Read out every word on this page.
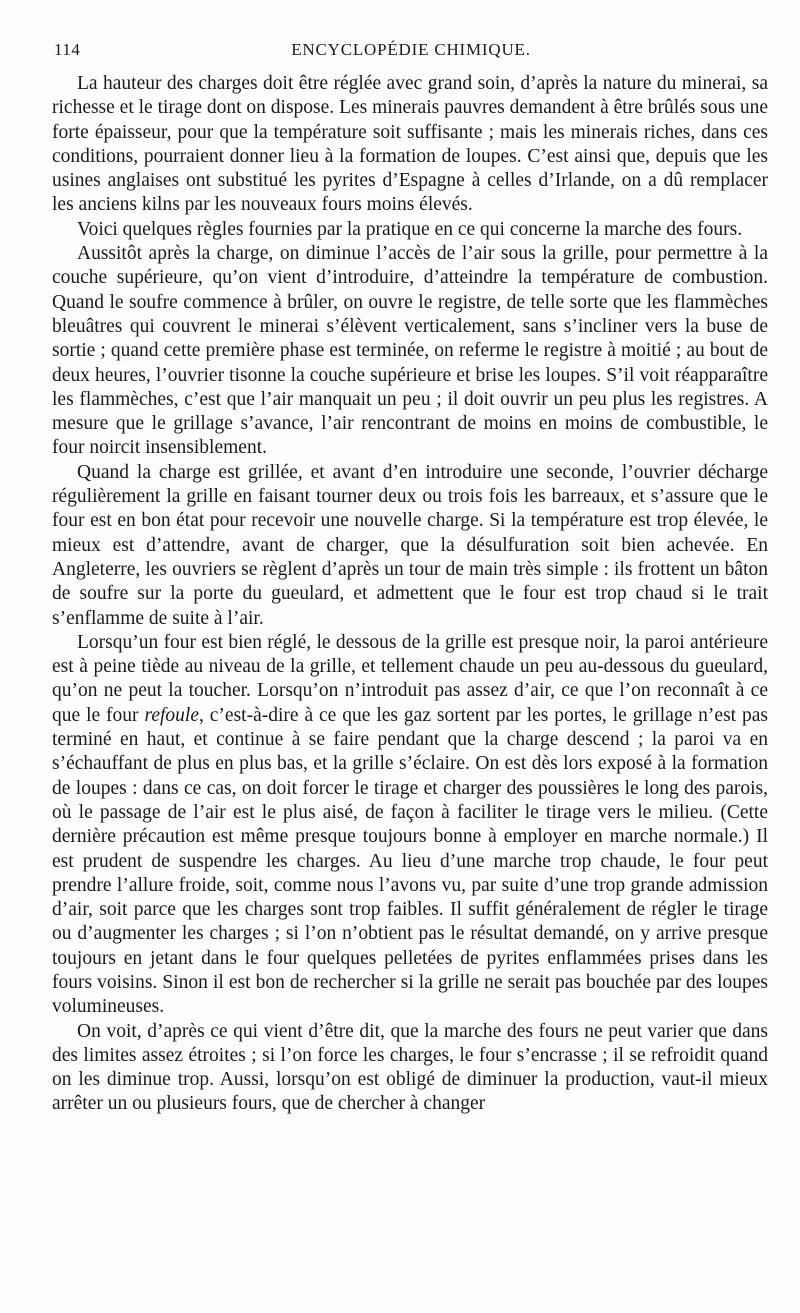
114	ENCYCLOPÉDIE CHIMIQUE.

La hauteur des charges doit être réglée avec grand soin, d’après la nature du minerai, sa richesse et le tirage dont on dispose. Les minerais pauvres demandent à être brûlés sous une forte épaisseur, pour que la température soit suffisante ; mais les minerais riches, dans ces conditions, pourraient donner lieu à la formation de loupes. C’est ainsi que, depuis que les usines anglaises ont substitué les pyrites d’Espagne à celles d’Irlande, on a dû remplacer les anciens kilns par les nouveaux fours moins élevés.

Voici quelques règles fournies par la pratique en ce qui concerne la marche des fours.

Aussitôt après la charge, on diminue l’accès de l’air sous la grille, pour permettre à la couche supérieure, qu’on vient d’introduire, d’atteindre la température de combustion. Quand le soufre commence à brûler, on ouvre le registre, de telle sorte que les flammèches bleuâtres qui couvrent le minerai s’élèvent verticalement, sans s’incliner vers la buse de sortie ; quand cette première phase est terminée, on referme le registre à moitié ; au bout de deux heures, l’ouvrier tisonne la couche supérieure et brise les loupes. S’il voit réapparaître les flammèches, c’est que l’air manquait un peu ; il doit ouvrir un peu plus les registres. A mesure que le grillage s’avance, l’air rencontrant de moins en moins de combustible, le four noircit insensiblement.

Quand la charge est grillée, et avant d’en introduire une seconde, l’ouvrier décharge régulièrement la grille en faisant tourner deux ou trois fois les barreaux, et s’assure que le four est en bon état pour recevoir une nouvelle charge. Si la température est trop élevée, le mieux est d’attendre, avant de charger, que la désulfuration soit bien achevée. En Angleterre, les ouvriers se règlent d’après un tour de main très simple : ils frottent un bâton de soufre sur la porte du gueulard, et admettent que le four est trop chaud si le trait s’enflamme de suite à l’air.

Lorsqu’un four est bien réglé, le dessous de la grille est presque noir, la paroi antérieure est à peine tiède au niveau de la grille, et tellement chaude un peu au-dessous du gueulard, qu’on ne peut la toucher. Lorsqu’on n’introduit pas assez d’air, ce que l’on reconnaît à ce que le four refoule, c’est-à-dire à ce que les gaz sortent par les portes, le grillage n’est pas terminé en haut, et continue à se faire pendant que la charge descend ; la paroi va en s’échauffant de plus en plus bas, et la grille s’éclaire. On est dès lors exposé à la formation de loupes : dans ce cas, on doit forcer le tirage et charger des poussières le long des parois, où le passage de l’air est le plus aisé, de façon à faciliter le tirage vers le milieu. (Cette dernière précaution est même presque toujours bonne à employer en marche normale.) Il est prudent de suspendre les charges. Au lieu d’une marche trop chaude, le four peut prendre l’allure froide, soit, comme nous l’avons vu, par suite d’une trop grande admission d’air, soit parce que les charges sont trop faibles. Il suffit généralement de régler le tirage ou d’augmenter les charges ; si l’on n’obtient pas le résultat demandé, on y arrive presque toujours en jetant dans le four quelques pelletées de pyrites enflammées prises dans les fours voisins. Sinon il est bon de rechercher si la grille ne serait pas bouchée par des loupes volumineuses.

On voit, d’après ce qui vient d’être dit, que la marche des fours ne peut varier que dans des limites assez étroites ; si l’on force les charges, le four s’encrasse ; il se refroidit quand on les diminue trop. Aussi, lorsqu’on est obligé de diminuer la production, vaut-il mieux arrêter un ou plusieurs fours, que de chercher à changer
